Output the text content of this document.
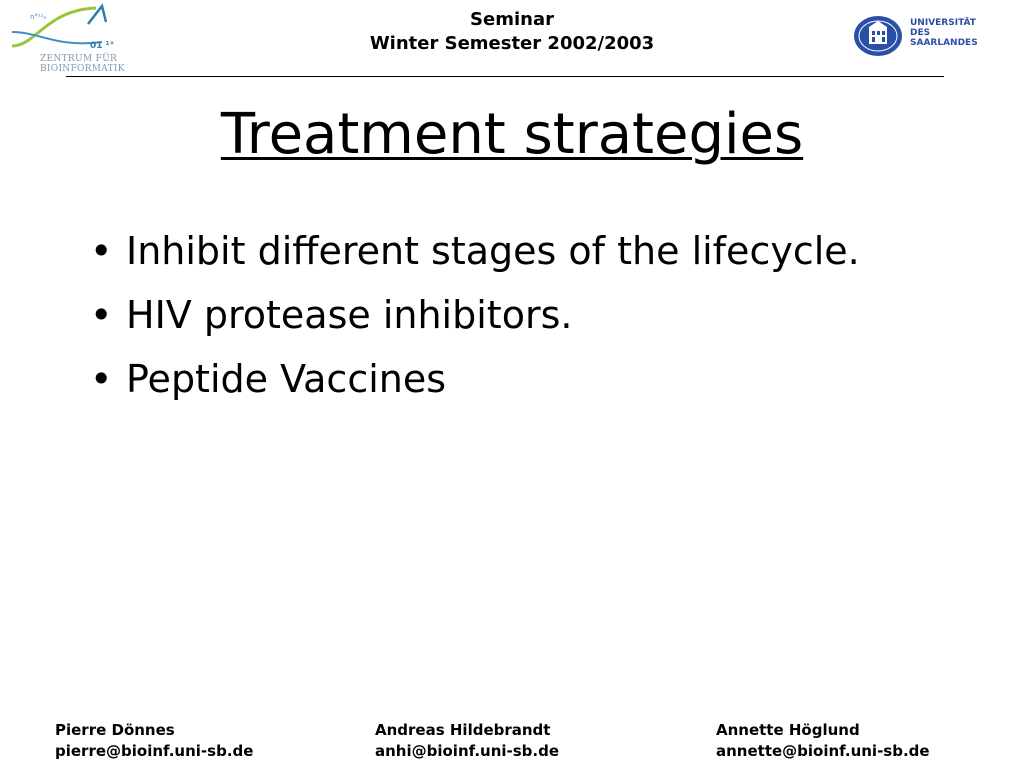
n°¹¹ₙ
01 ¹°
ZENTRUM FÜR
BIOINFORMATIK
Seminar
Winter Semester 2002/2003
UNIVERSITÄT
DES
SAARLANDES
Treatment strategies
• Inhibit different stages of the lifecycle.
• HIV protease inhibitors.
• Peptide Vaccines
Pierre Dönnes
pierre@bioinf.uni-sb.de
Andreas Hildebrandt
anhi@bioinf.uni-sb.de
Annette Höglund
annette@bioinf.uni-sb.de
